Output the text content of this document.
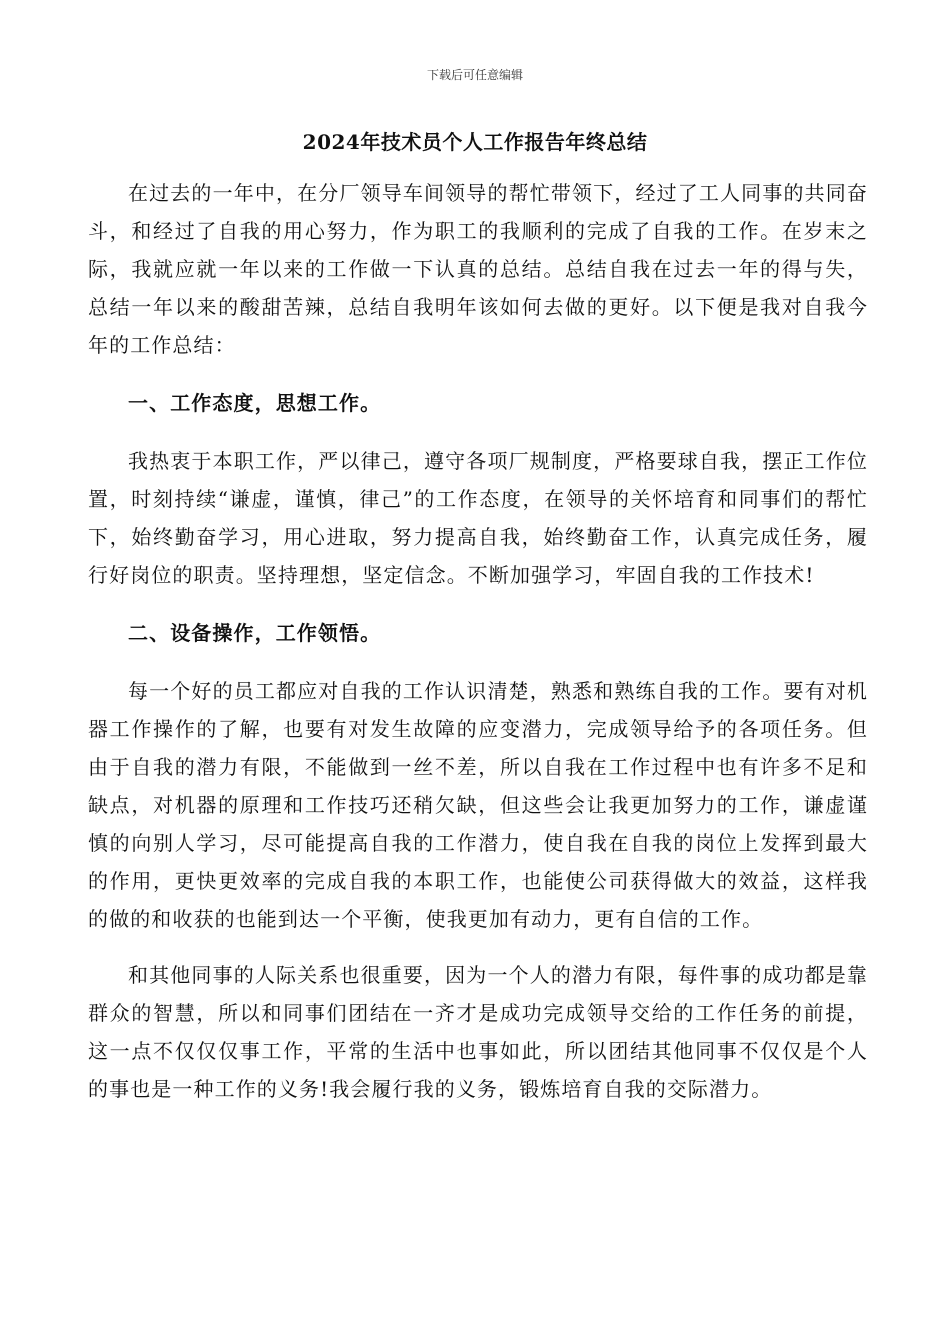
下载后可任意编辑
2024年技术员个人工作报告年终总结

在过去的一年中，在分厂领导车间领导的帮忙带领下，经过了工人同事的共同奋斗，和经过了自我的用心努力，作为职工的我顺利的完成了自我的工作。在岁末之际，我就应就一年以来的工作做一下认真的总结。总结自我在过去一年的得与失，总结一年以来的酸甜苦辣，总结自我明年该如何去做的更好。以下便是我对自我今年的工作总结：

一、工作态度，思想工作。

我热衷于本职工作，严以律己，遵守各项厂规制度，严格要球自我，摆正工作位置，时刻持续“谦虚，谨慎，律己”的工作态度，在领导的关怀培育和同事们的帮忙下，始终勤奋学习，用心进取，努力提高自我，始终勤奋工作，认真完成任务，履行好岗位的职责。坚持理想，坚定信念。不断加强学习，牢固自我的工作技术!

二、设备操作，工作领悟。

每一个好的员工都应对自我的工作认识清楚，熟悉和熟练自我的工作。要有对机器工作操作的了解，也要有对发生故障的应变潜力，完成领导给予的各项任务。但由于自我的潜力有限，不能做到一丝不差，所以自我在工作过程中也有许多不足和缺点，对机器的原理和工作技巧还稍欠缺，但这些会让我更加努力的工作，谦虚谨慎的向别人学习，尽可能提高自我的工作潜力，使自我在自我的岗位上发挥到最大的作用，更快更效率的完成自我的本职工作，也能使公司获得做大的效益，这样我的做的和收获的也能到达一个平衡，使我更加有动力，更有自信的工作。

和其他同事的人际关系也很重要，因为一个人的潜力有限，每件事的成功都是靠群众的智慧，所以和同事们团结在一齐才是成功完成领导交给的工作任务的前提，这一点不仅仅仅事工作，平常的生活中也事如此，所以团结其他同事不仅仅是个人的事也是一种工作的义务!我会履行我的义务，锻炼培育自我的交际潜力。
